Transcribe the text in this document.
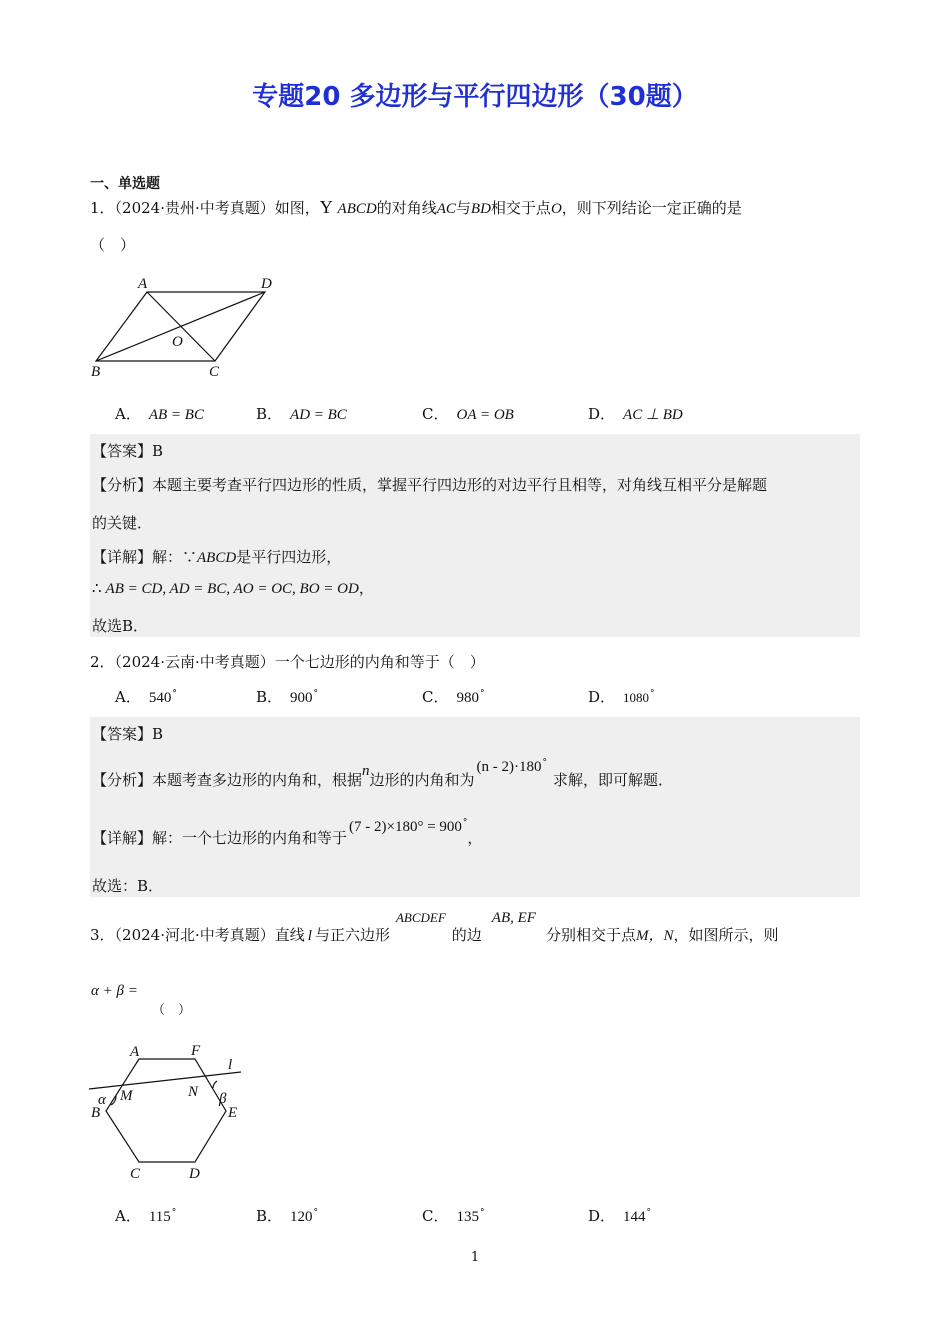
专题20 多边形与平行四边形（30题）
一、单选题
1．（2024·贵州·中考真题）如图，Y ABCD的对角线AC与BD相交于点O，则下列结论一定正确的是
（　）
A	D
O
B	C
A． AB = BC	B． AD = BC	C． OA = OB	D． AC ⊥ BD
【答案】B
【分析】本题主要考查平行四边形的性质，掌握平行四边形的对边平行且相等，对角线互相平分是解题
的关键．
【详解】解：∵ABCD是平行四边形，
∴ AB = CD, AD = BC, AO = OC, BO = OD，
故选B．
2．（2024·云南·中考真题）一个七边形的内角和等于（　）
A． 540°	B． 900°	C． 980°	D． 1080°
【答案】B
【分析】本题考查多边形的内角和，根据n边形的内角和为(n - 2)·180°求解，即可解题．
【详解】解：一个七边形的内角和等于(7 - 2)×180° = 900°，
故选：B．
3．（2024·河北·中考真题）直线 l 与正六边形ABCDEF的边AB, EF分别相交于点M，N，如图所示，则
α + β =
（　）
A	F
l
N β
M
α
B	E
C	D
A． 115°	B． 120°	C． 135°	D． 144°
1
